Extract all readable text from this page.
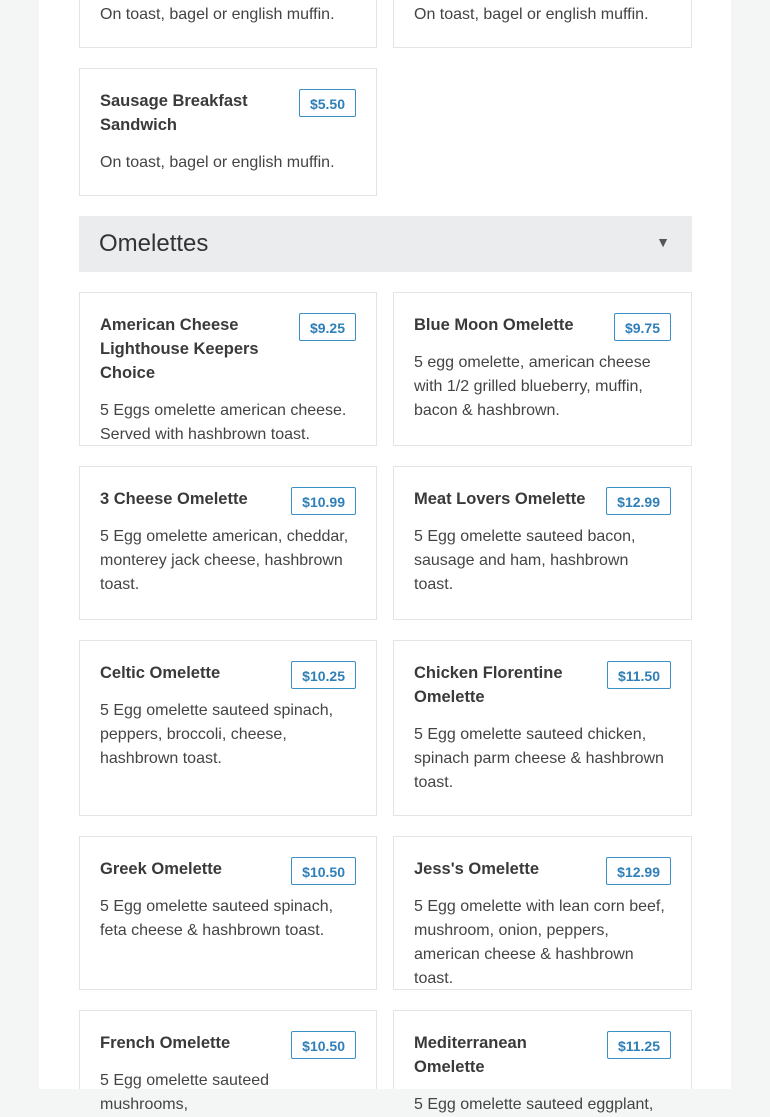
On toast, bagel or english muffin.	On toast, bagel or english muffin.

Sausage Breakfast Sandwich
$5.50

On toast, bagel or english muffin.

Omelettes	▼
American Cheese Lighthouse Keepers Choice
$9.25

5 Eggs omelette american cheese. Served with hashbrown toast.

Blue Moon Omelette	$9.75

5 egg omelette, american cheese with 1/2 grilled blueberry, muffin, bacon & hashbrown.

3 Cheese Omelette	$10.99

5 Egg omelette american, cheddar, monterey jack cheese, hashbrown toast.

Meat Lovers Omelette	$12.99

5 Egg omelette sauteed bacon, sausage and ham, hashbrown toast.

Celtic Omelette	$10.25

5 Egg omelette sauteed spinach, peppers, broccoli, cheese, hashbrown toast.

Chicken Florentine Omelette
$11.50

5 Egg omelette sauteed chicken, spinach parm cheese & hashbrown toast.

Greek Omelette	$10.50

5 Egg omelette sauteed spinach, feta cheese & hashbrown toast.

Jess's Omelette	$12.99

5 Egg omelette with lean corn beef, mushroom, onion, peppers, american cheese & hashbrown toast.

French Omelette	$10.50

5 Egg omelette sauteed mushrooms,

Mediterranean Omelette
$11.25

5 Egg omelette sauteed eggplant,
